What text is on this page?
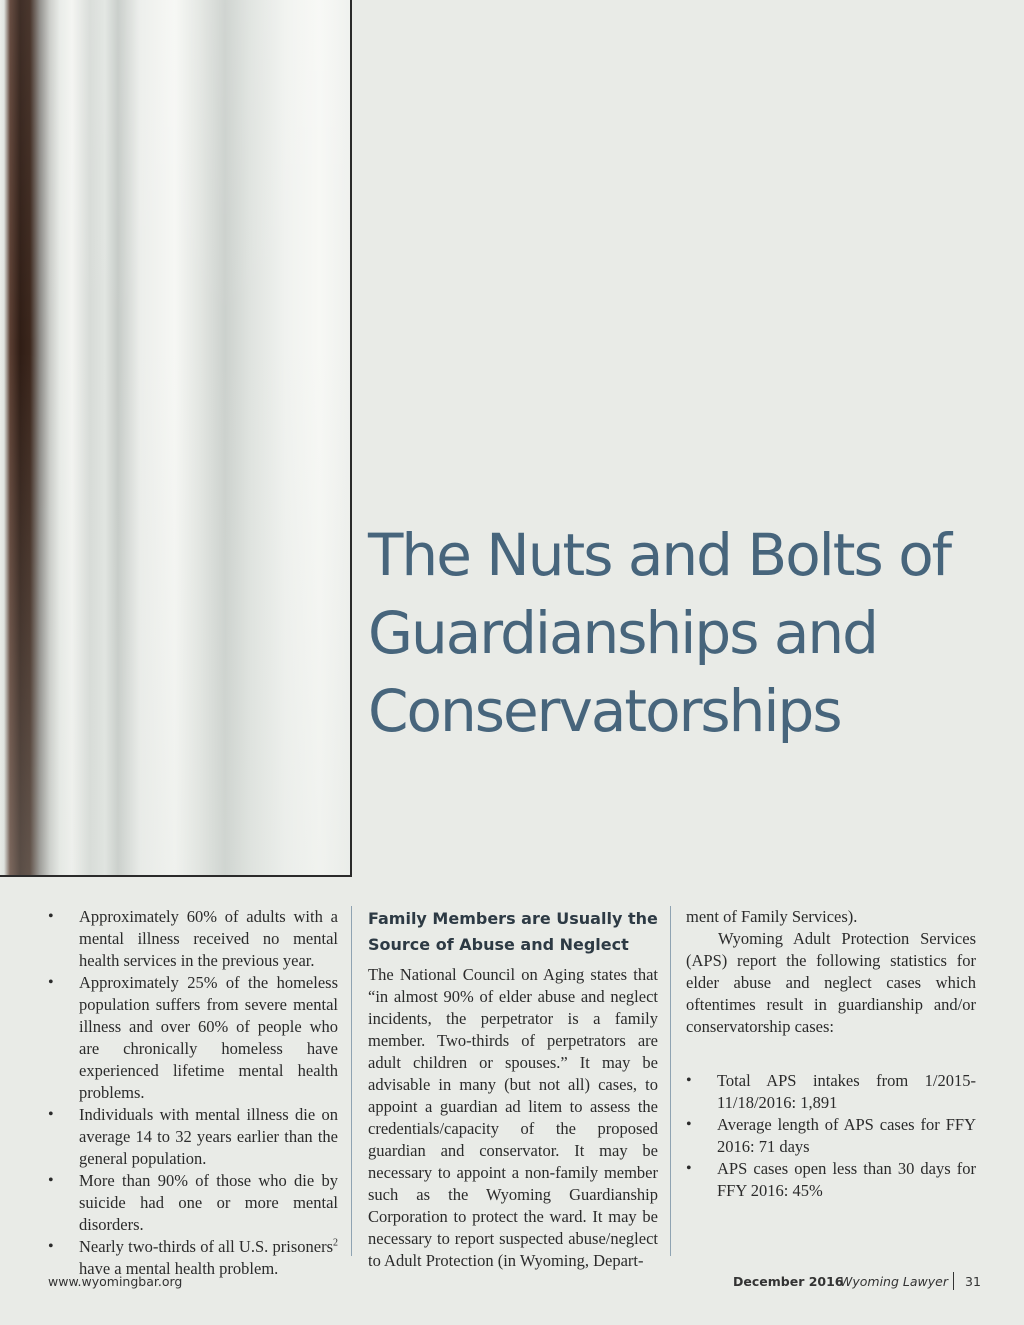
The Nuts and Bolts of
Guardianships and
Conservatorships
• Approximately 60% of adults with a mental illness received no mental health services in the previous year.
• Approximately 25% of the homeless population suffers from severe mental illness and over 60% of people who are chronically homeless have experienced lifetime mental health problems.
• Individuals with mental illness die on average 14 to 32 years earlier than the general population.
• More than 90% of those who die by suicide had one or more mental disorders.
• Nearly two-thirds of all U.S. prisoners$^2$ have a mental health problem.
Family Members are Usually the Source of Abuse and Neglect

The National Council on Aging states that “in almost 90% of elder abuse and neglect incidents, the perpetrator is a family member. Two-thirds of perpetrators are adult children or spouses.” It may be advisable in many (but not all) cases, to appoint a guardian ad litem to assess the credentials/capacity of the proposed guardian and conservator. It may be necessary to appoint a non-family member such as the Wyoming Guardianship Corporation to protect the ward. It may be necessary to report suspected abuse/neglect to Adult Protection (in Wyoming, Depart-

ment of Family Services).

Wyoming Adult Protection Services (APS) report the following statistics for elder abuse and neglect cases which oftentimes result in guardianship and/or conservatorship cases:

• Total APS intakes from 1/2015-11/18/2016: 1,891
• Average length of APS cases for FFY 2016: 71 days
• APS cases open less than 30 days for FFY 2016: 45%
www.wyomingbar.org	December 2016
Wyoming Lawyer 31
